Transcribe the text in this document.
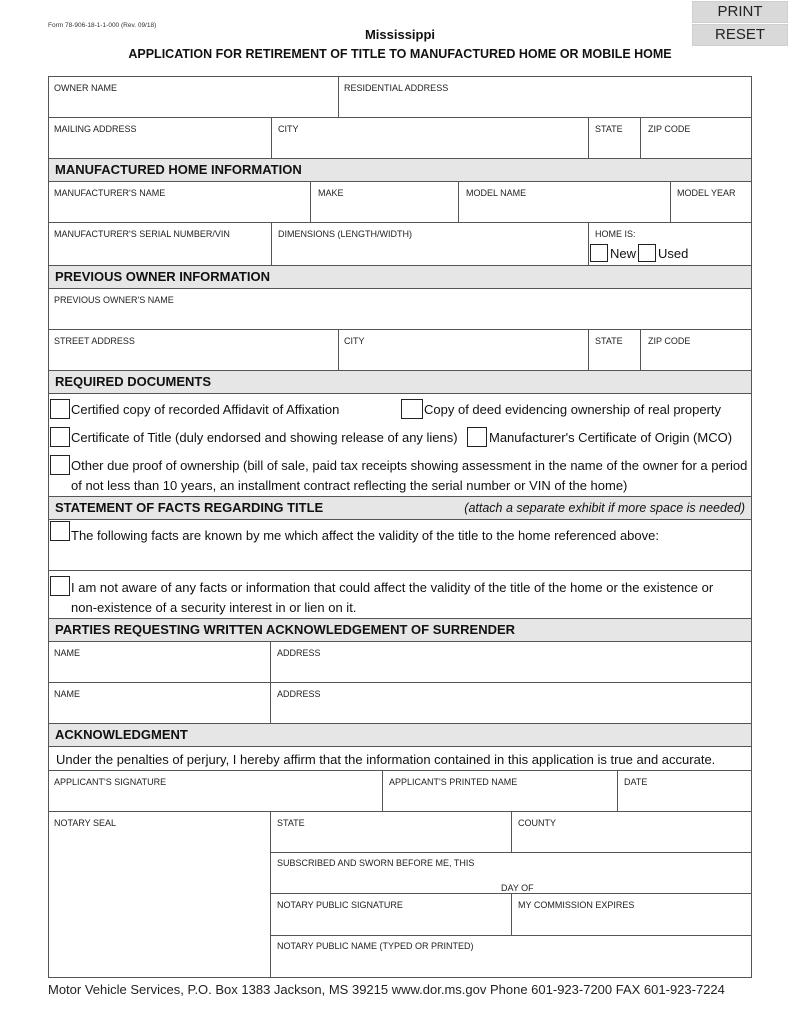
Form 78-906-18-1-1-000 (Rev. 09/18)
Mississippi
APPLICATION FOR RETIREMENT OF TITLE TO MANUFACTURED HOME OR MOBILE HOME
PRINT
RESET
OWNER NAME	RESIDENTIAL ADDRESS
MAILING ADDRESS	CITY	STATE	ZIP CODE
MANUFACTURED HOME INFORMATION
MANUFACTURER'S NAME	MAKE	MODEL NAME	MODEL YEAR
MANUFACTURER'S SERIAL NUMBER/VIN	DIMENSIONS (LENGTH/WIDTH)	HOME IS:
New Used
PREVIOUS OWNER INFORMATION
PREVIOUS OWNER'S NAME
STREET ADDRESS	CITY	STATE	ZIP CODE
REQUIRED DOCUMENTS
Certified copy of recorded Affidavit of Affixation	Copy of deed evidencing ownership of real property
Certificate of Title (duly endorsed and showing release of any liens) Manufacturer's Certificate of Origin (MCO)
Other due proof of ownership (bill of sale, paid tax receipts showing assessment in the name of the owner for a period
of not less than 10 years, an installment contract reflecting the serial number or VIN of the home)
STATEMENT OF FACTS REGARDING TITLE	(attach a separate exhibit if more space is needed)
The following facts are known by me which affect the validity of the title to the home referenced above:
I am not aware of any facts or information that could affect the validity of the title of the home or the existence or
non-existence of a security interest in or lien on it.
PARTIES REQUESTING WRITTEN ACKNOWLEDGEMENT OF SURRENDER
NAME	ADDRESS
NAME	ADDRESS
ACKNOWLEDGMENT
Under the penalties of perjury, I hereby affirm that the information contained in this application is true and accurate.
APPLICANT'S SIGNATURE	APPLICANT'S PRINTED NAME	DATE
NOTARY SEAL	STATE	COUNTY
SUBSCRIBED AND SWORN BEFORE ME, THIS
DAY OF
NOTARY PUBLIC SIGNATURE	MY COMMISSION EXPIRES
NOTARY PUBLIC NAME (TYPED OR PRINTED)
Motor Vehicle Services, P.O. Box 1383 Jackson, MS 39215 www.dor.ms.gov Phone 601-923-7200 FAX 601-923-7224
